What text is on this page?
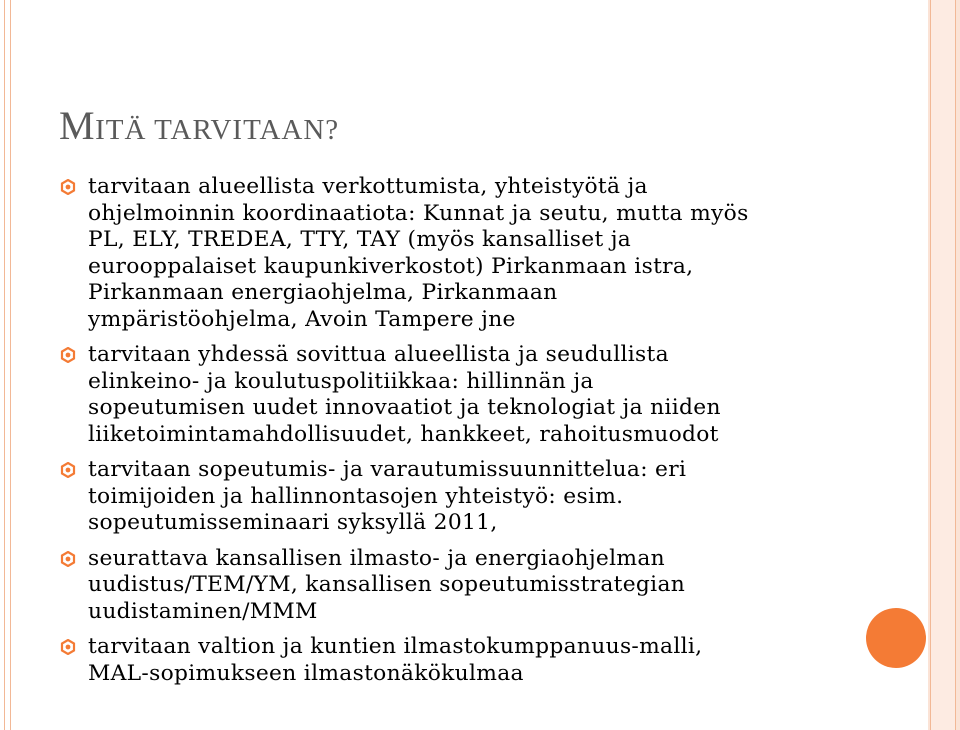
MITÄ TARVITAAN?
tarvitaan alueellista verkottumista, yhteistyötä ja
ohjelmoinnin koordinaatiota: Kunnat ja seutu, mutta myös
PL, ELY, TREDEA, TTY, TAY (myös kansalliset ja
eurooppalaiset kaupunkiverkostot) Pirkanmaan istra,
Pirkanmaan energiaohjelma, Pirkanmaan
ympäristöohjelma, Avoin Tampere jne
tarvitaan yhdessä sovittua alueellista ja seudullista
elinkeino- ja koulutuspolitiikkaa: hillinnän ja
sopeutumisen uudet innovaatiot ja teknologiat ja niiden
liiketoimintamahdollisuudet, hankkeet, rahoitusmuodot
tarvitaan sopeutumis- ja varautumissuunnittelua: eri
toimijoiden ja hallinnontasojen yhteistyö: esim.
sopeutumisseminaari syksyllä 2011,
seurattava kansallisen ilmasto- ja energiaohjelman
uudistus/TEM/YM, kansallisen sopeutumisstrategian
uudistaminen/MMM
tarvitaan valtion ja kuntien ilmastokumppanuus-malli,
MAL-sopimukseen ilmastonäkökulmaa
